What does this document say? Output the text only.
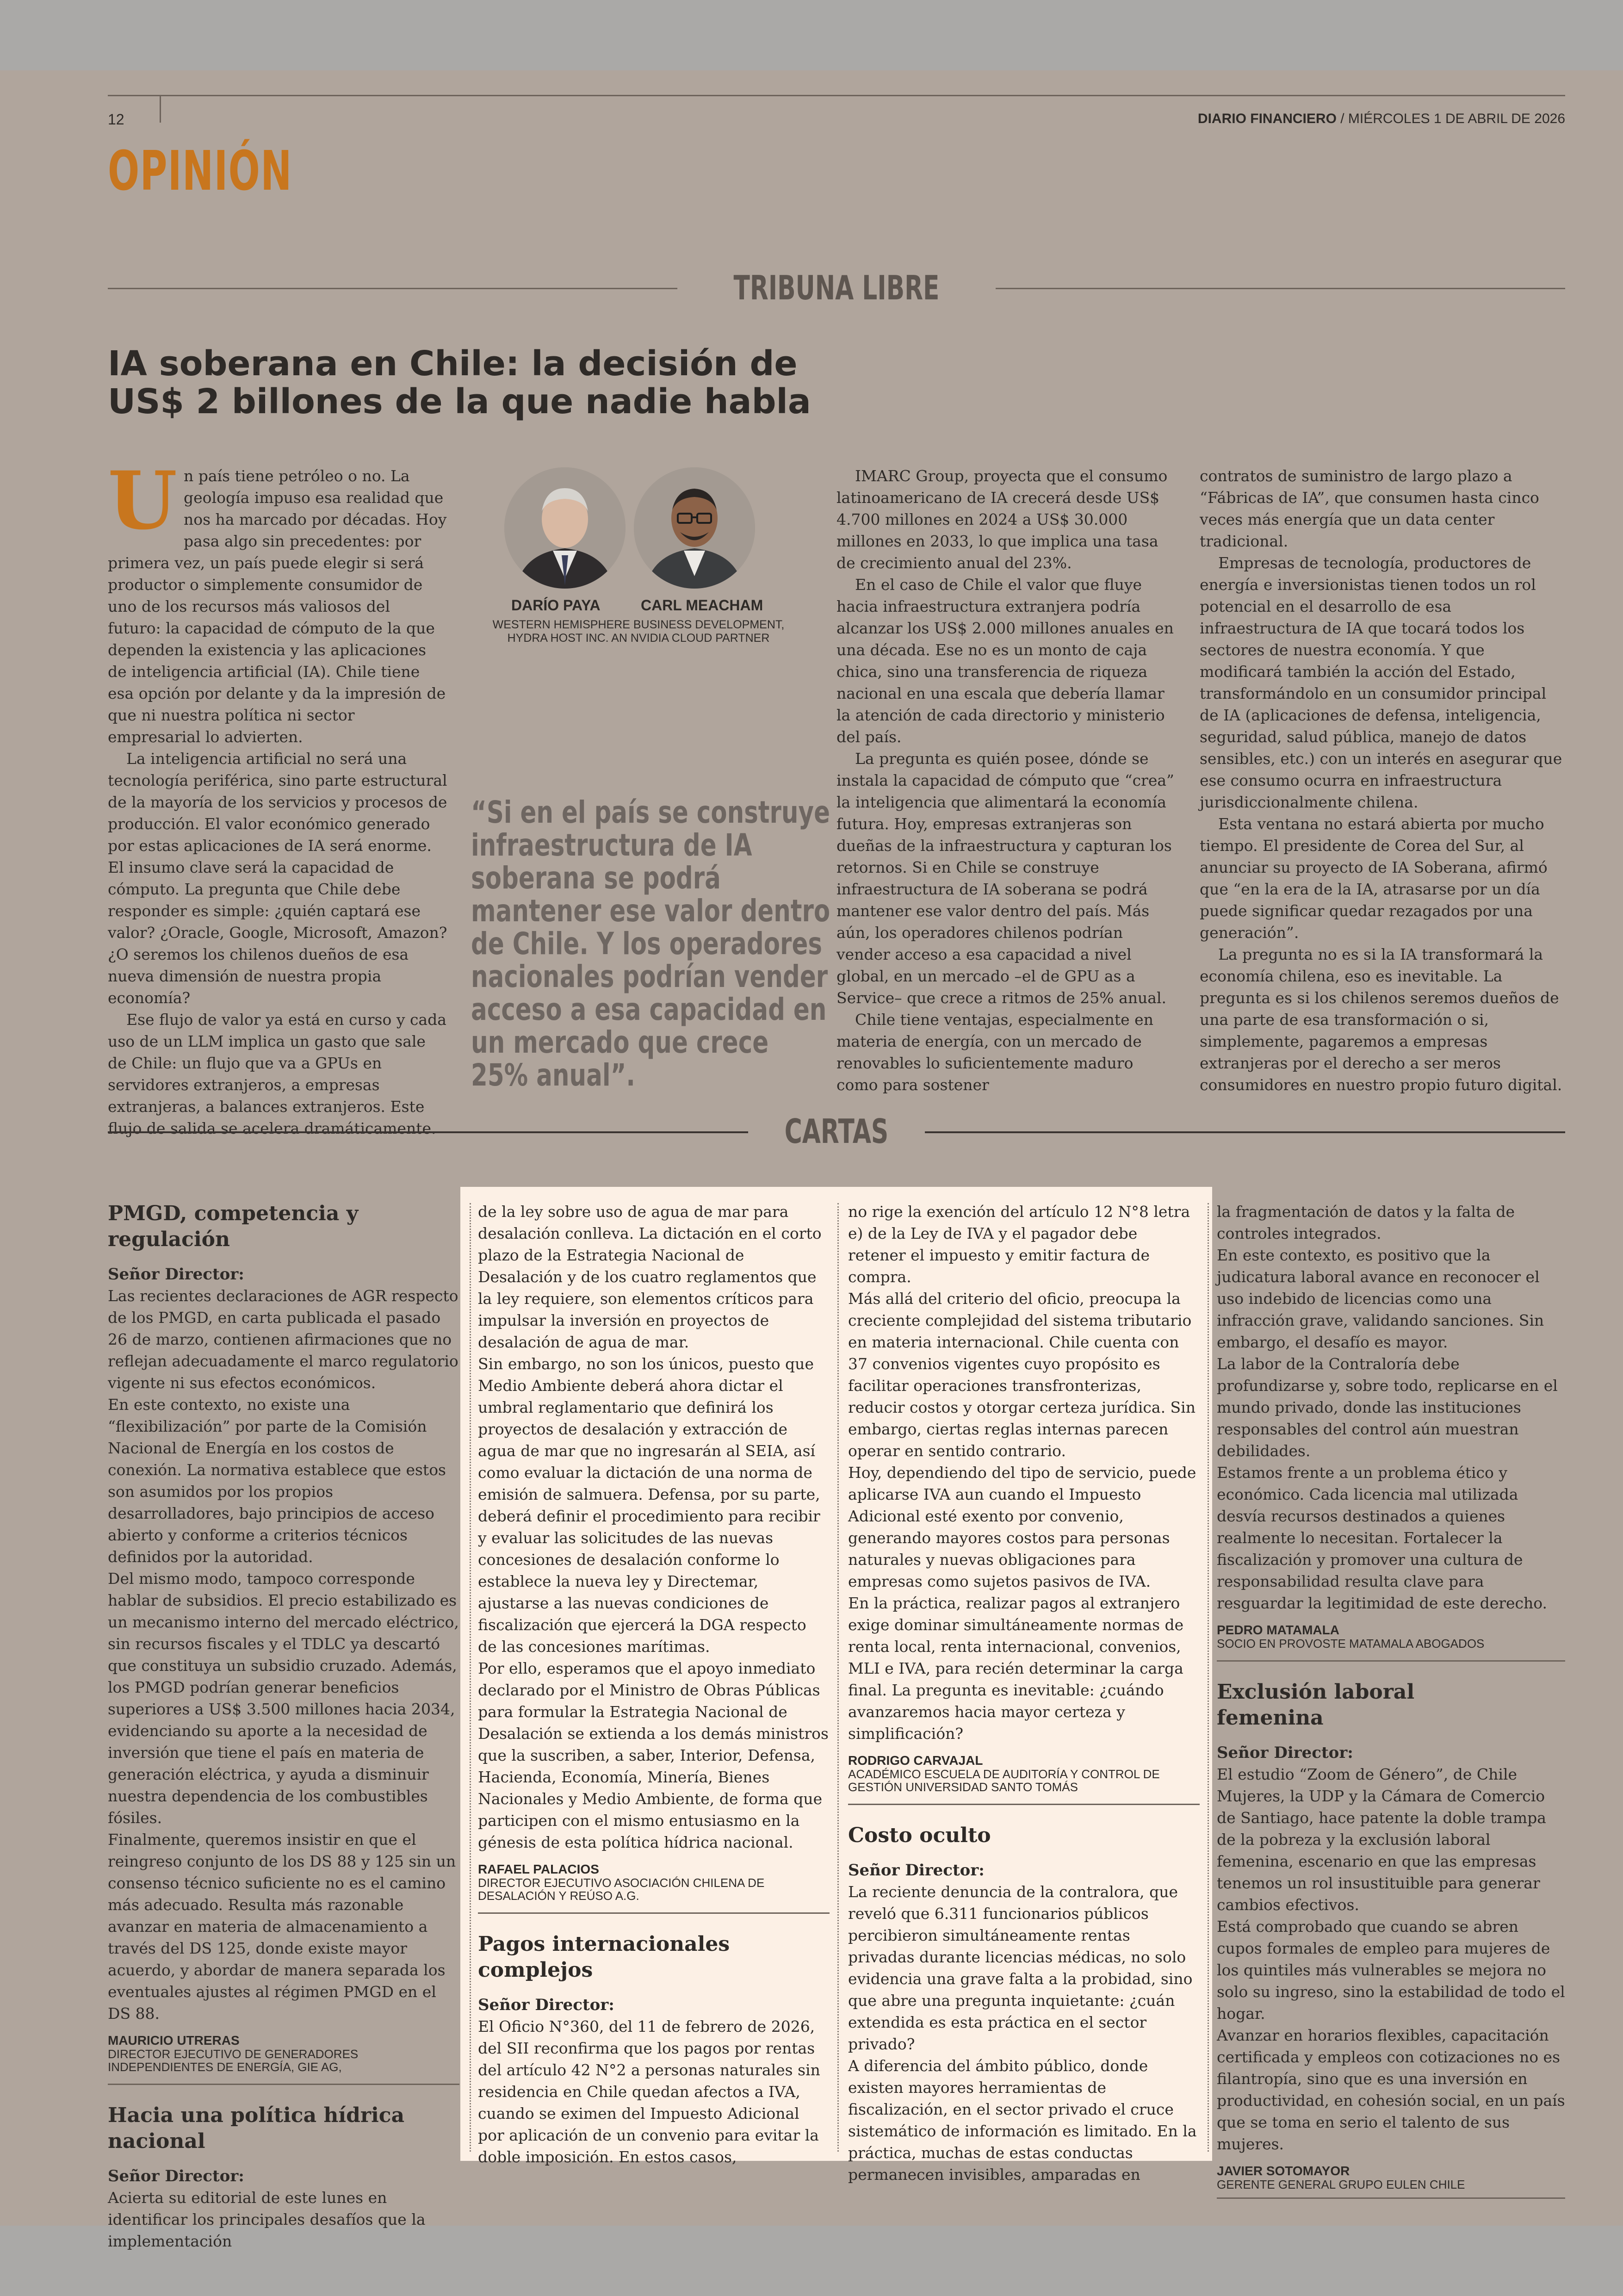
12	DIARIO FINANCIERO / MIÉRCOLES 1 DE ABRIL DE 2026
OPINIÓN
TRIBUNA LIBRE
IA soberana en Chile: la decisión de
US$ 2 billones de la que nadie habla
U n país tiene petróleo o no. La geología impuso esa realidad que nos ha marcado por décadas. Hoy pasa algo sin precedentes: por primera vez, un país puede elegir si será productor o simplemente consumidor de uno de los recursos más valiosos del futuro: la capacidad de cómputo de la que dependen la existencia y las aplicaciones de inteligencia artificial (IA). Chile tiene esa opción por delante y da la impresión de que ni nuestra política ni sector empresarial lo advierten.

La inteligencia artificial no será una tecnología periférica, sino parte estructural de la mayoría de los servicios y procesos de producción. El valor económico generado por estas aplicaciones de IA será enorme. El insumo clave será la capacidad de cómputo. La pregunta que Chile debe responder es simple: ¿quién captará ese valor? ¿Oracle, Google, Microsoft, Amazon? ¿O seremos los chilenos dueños de esa nueva dimensión de nuestra propia economía?

Ese flujo de valor ya está en curso y cada uso de un LLM implica un gasto que sale de Chile: un flujo que va a GPUs en servidores extranjeros, a empresas extranjeras, a balances extranjeros. Este flujo de salida se acelera dramáticamente.

DARÍO PAYA	CARL MEACHAM
WESTERN HEMISPHERE BUSINESS DEVELOPMENT, HYDRA HOST INC. AN NVIDIA CLOUD PARTNER
“Si en el país se construye infraestructura de IA soberana se podrá mantener ese valor dentro de Chile. Y los operadores nacionales podrían vender acceso a esa capacidad en un mercado que crece 25% anual”.

IMARC Group, proyecta que el consumo latinoamericano de IA crecerá desde US$ 4.700 millones en 2024 a US$ 30.000 millones en 2033, lo que implica una tasa de crecimiento anual del 23%.

En el caso de Chile el valor que fluye hacia infraestructura extranjera podría alcanzar los US$ 2.000 millones anuales en una década. Ese no es un monto de caja chica, sino una transferencia de riqueza nacional en una escala que debería llamar la atención de cada directorio y ministerio del país.

La pregunta es quién posee, dónde se instala la capacidad de cómputo que “crea” la inteligencia que alimentará la economía futura. Hoy, empresas extranjeras son dueñas de la infraestructura y capturan los retornos. Si en Chile se construye infraestructura de IA soberana se podrá mantener ese valor dentro del país. Más aún, los operadores chilenos podrían vender acceso a esa capacidad a nivel global, en un mercado –el de GPU as a Service– que crece a ritmos de 25% anual.

Chile tiene ventajas, especialmente en materia de energía, con un mercado de renovables lo suficientemente maduro como para sostener

contratos de suministro de largo plazo a “Fábricas de IA”, que consumen hasta cinco veces más energía que un data center tradicional.

Empresas de tecnología, productores de energía e inversionistas tienen todos un rol potencial en el desarrollo de esa infraestructura de IA que tocará todos los sectores de nuestra economía. Y que modificará también la acción del Estado, transformándolo en un consumidor principal de IA (aplicaciones de defensa, inteligencia, seguridad, salud pública, manejo de datos sensibles, etc.) con un interés en asegurar que ese consumo ocurra en infraestructura jurisdiccionalmente chilena.

Esta ventana no estará abierta por mucho tiempo. El presidente de Corea del Sur, al anunciar su proyecto de IA Soberana, afirmó que “en la era de la IA, atrasarse por un día puede significar quedar rezagados por una generación”.

La pregunta no es si la IA transformará la economía chilena, eso es inevitable. La pregunta es si los chilenos seremos dueños de una parte de esa transformación o si, simplemente, pagaremos a empresas extranjeras por el derecho a ser meros consumidores en nuestro propio futuro digital.

CARTAS
PMGD, competencia y regulación
Señor Director:

Las recientes declaraciones de AGR respecto de los PMGD, en carta publicada el pasado 26 de marzo, contienen afirmaciones que no reflejan adecuadamente el marco regulatorio vigente ni sus efectos económicos.

En este contexto, no existe una “flexibilización” por parte de la Comisión Nacional de Energía en los costos de conexión. La normativa establece que estos son asumidos por los propios desarrolladores, bajo principios de acceso abierto y conforme a criterios técnicos definidos por la autoridad.

Del mismo modo, tampoco corresponde hablar de subsidios. El precio estabilizado es un mecanismo interno del mercado eléctrico, sin recursos fiscales y el TDLC ya descartó que constituya un subsidio cruzado. Además, los PMGD podrían generar beneficios superiores a US$ 3.500 millones hacia 2034, evidenciando su aporte a la necesidad de inversión que tiene el país en materia de generación eléctrica, y ayuda a disminuir nuestra dependencia de los combustibles fósiles.

Finalmente, queremos insistir en que el reingreso conjunto de los DS 88 y 125 sin un consenso técnico suficiente no es el camino más adecuado. Resulta más razonable avanzar en materia de almacenamiento a través del DS 125, donde existe mayor acuerdo, y abordar de manera separada los eventuales ajustes al régimen PMGD en el DS 88.

MAURICIO UTRERAS
DIRECTOR EJECUTIVO DE GENERADORES INDEPENDIENTES DE ENERGÍA, GIE AG,
Hacia una política hídrica nacional
Señor Director:

Acierta su editorial de este lunes en identificar los principales desafíos que la implementación

de la ley sobre uso de agua de mar para desalación conlleva. La dictación en el corto plazo de la Estrategia Nacional de Desalación y de los cuatro reglamentos que la ley requiere, son elementos críticos para impulsar la inversión en proyectos de desalación de agua de mar.

Sin embargo, no son los únicos, puesto que Medio Ambiente deberá ahora dictar el umbral reglamentario que definirá los proyectos de desalación y extracción de agua de mar que no ingresarán al SEIA, así como evaluar la dictación de una norma de emisión de salmuera. Defensa, por su parte, deberá definir el procedimiento para recibir y evaluar las solicitudes de las nuevas concesiones de desalación conforme lo establece la nueva ley y Directemar, ajustarse a las nuevas condiciones de fiscalización que ejercerá la DGA respecto de las concesiones marítimas.

Por ello, esperamos que el apoyo inmediato declarado por el Ministro de Obras Públicas para formular la Estrategia Nacional de Desalación se extienda a los demás ministros que la suscriben, a saber, Interior, Defensa, Hacienda, Economía, Minería, Bienes Nacionales y Medio Ambiente, de forma que participen con el mismo entusiasmo en la génesis de esta política hídrica nacional.

RAFAEL PALACIOS
DIRECTOR EJECUTIVO ASOCIACIÓN CHILENA DE DESALACIÓN Y REÚSO A.G.
Pagos internacionales
complejos
Señor Director:

El Oficio N°360, del 11 de febrero de 2026, del SII reconfirma que los pagos por rentas del artículo 42 N°2 a personas naturales sin residencia en Chile quedan afectos a IVA, cuando se eximen del Impuesto Adicional por aplicación de un convenio para evitar la doble imposición. En estos casos,

no rige la exención del artículo 12 N°8 letra e) de la Ley de IVA y el pagador debe retener el impuesto y emitir factura de compra.

Más allá del criterio del oficio, preocupa la creciente complejidad del sistema tributario en materia internacional. Chile cuenta con 37 convenios vigentes cuyo propósito es facilitar operaciones transfronterizas, reducir costos y otorgar certeza jurídica. Sin embargo, ciertas reglas internas parecen operar en sentido contrario.

Hoy, dependiendo del tipo de servicio, puede aplicarse IVA aun cuando el Impuesto Adicional esté exento por convenio, generando mayores costos para personas naturales y nuevas obligaciones para empresas como sujetos pasivos de IVA.

En la práctica, realizar pagos al extranjero exige dominar simultáneamente normas de renta local, renta internacional, convenios, MLI e IVA, para recién determinar la carga final. La pregunta es inevitable: ¿cuándo avanzaremos hacia mayor certeza y simplificación?

RODRIGO CARVAJAL
ACADÉMICO ESCUELA DE AUDITORÍA Y CONTROL DE GESTIÓN UNIVERSIDAD SANTO TOMÁS
Costo oculto
Señor Director:

La reciente denuncia de la contralora, que reveló que 6.311 funcionarios públicos percibieron simultáneamente rentas privadas durante licencias médicas, no solo evidencia una grave falta a la probidad, sino que abre una pregunta inquietante: ¿cuán extendida es esta práctica en el sector privado?

A diferencia del ámbito público, donde existen mayores herramientas de fiscalización, en el sector privado el cruce sistemático de información es limitado. En la práctica, muchas de estas conductas permanecen invisibles, amparadas en

la fragmentación de datos y la falta de controles integrados.

En este contexto, es positivo que la judicatura laboral avance en reconocer el uso indebido de licencias como una infracción grave, validando sanciones. Sin embargo, el desafío es mayor.

La labor de la Contraloría debe profundizarse y, sobre todo, replicarse en el mundo privado, donde las instituciones responsables del control aún muestran debilidades.

Estamos frente a un problema ético y económico. Cada licencia mal utilizada desvía recursos destinados a quienes realmente lo necesitan. Fortalecer la fiscalización y promover una cultura de responsabilidad resulta clave para resguardar la legitimidad de este derecho.

PEDRO MATAMALA
SOCIO EN PROVOSTE MATAMALA ABOGADOS
Exclusión laboral
femenina
Señor Director:

El estudio “Zoom de Género”, de Chile Mujeres, la UDP y la Cámara de Comercio de Santiago, hace patente la doble trampa de la pobreza y la exclusión laboral femenina, escenario en que las empresas tenemos un rol insustituible para generar cambios efectivos.

Está comprobado que cuando se abren cupos formales de empleo para mujeres de los quintiles más vulnerables se mejora no solo su ingreso, sino la estabilidad de todo el hogar.

Avanzar en horarios flexibles, capacitación certificada y empleos con cotizaciones no es filantropía, sino que es una inversión en productividad, en cohesión social, en un país que se toma en serio el talento de sus mujeres.

JAVIER SOTOMAYOR
GERENTE GENERAL GRUPO EULEN CHILE
